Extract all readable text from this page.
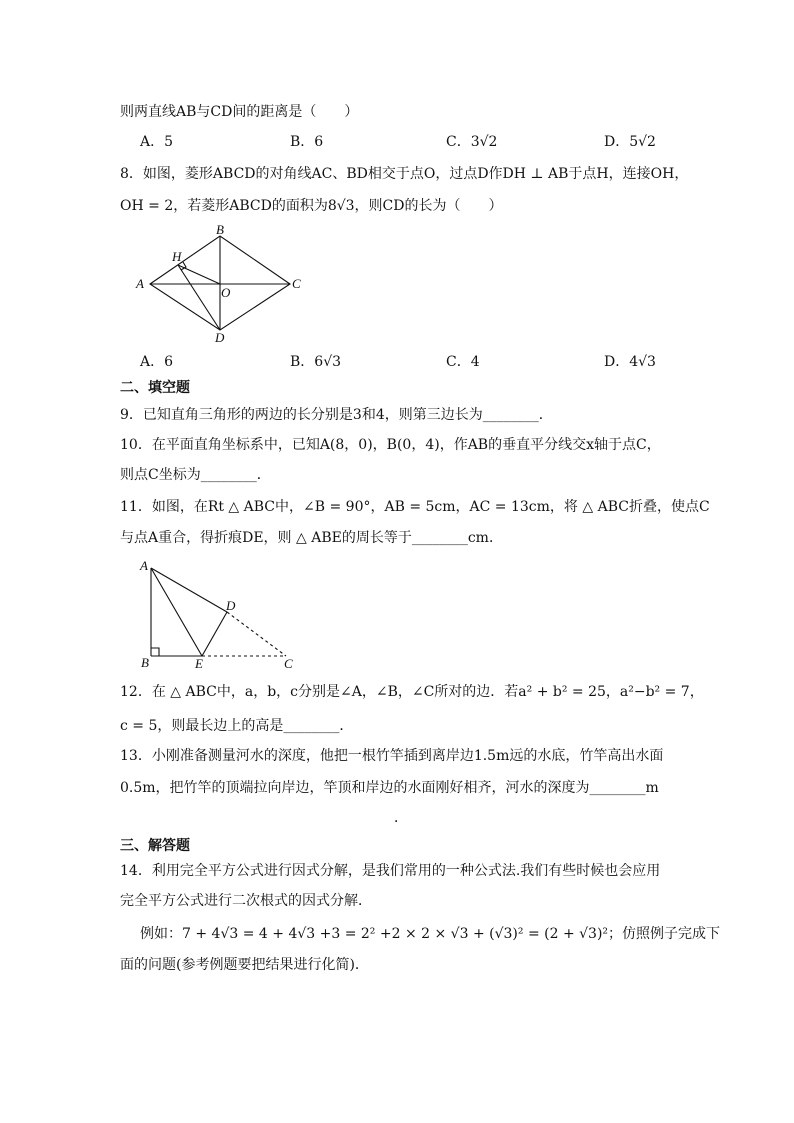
则两直线AB与CD间的距离是（　　）
A．5	B．6	C．3√2	D．5√2
8．如图，菱形ABCD的对角线AC、BD相交于点O，过点D作DH ⊥ AB于点H，连接OH，
OH = 2，若菱形ABCD的面积为8√3，则CD的长为（　　）
B
H
A
O
C
D
A．6	B．6√3	C．4	D．4√3
二、填空题
9．已知直角三角形的两边的长分别是3和4，则第三边长为________．
10．在平面直角坐标系中，已知A(8，0)，B(0，4)，作AB的垂直平分线交x轴于点C，
则点C坐标为________．
11．如图，在Rt △ ABC中，∠B = 90°，AB = 5cm，AC = 13cm，将 △ ABC折叠，使点C
与点A重合，得折痕DE，则 △ ABE的周长等于________cm．
A
D
B	E	C
12．在 △ ABC中，a，b，c分别是∠A，∠B，∠C所对的边．若a² + b² = 25，a²−b² = 7，
c = 5，则最长边上的高是________．
13．小刚准备测量河水的深度，他把一根竹竿插到离岸边1.5m远的水底，竹竿高出水面
0.5m，把竹竿的顶端拉向岸边，竿顶和岸边的水面刚好相齐，河水的深度为________m
．
三、解答题
14．利用完全平方公式进行因式分解，是我们常用的一种公式法.我们有些时候也会应用
完全平方公式进行二次根式的因式分解．
例如：7 + 4√3 = 4 + 4√3 +3 = 2² +2 × 2 × √3 + (√3)² = (2 + √3)²；仿照例子完成下
面的问题(参考例题要把结果进行化简)．
